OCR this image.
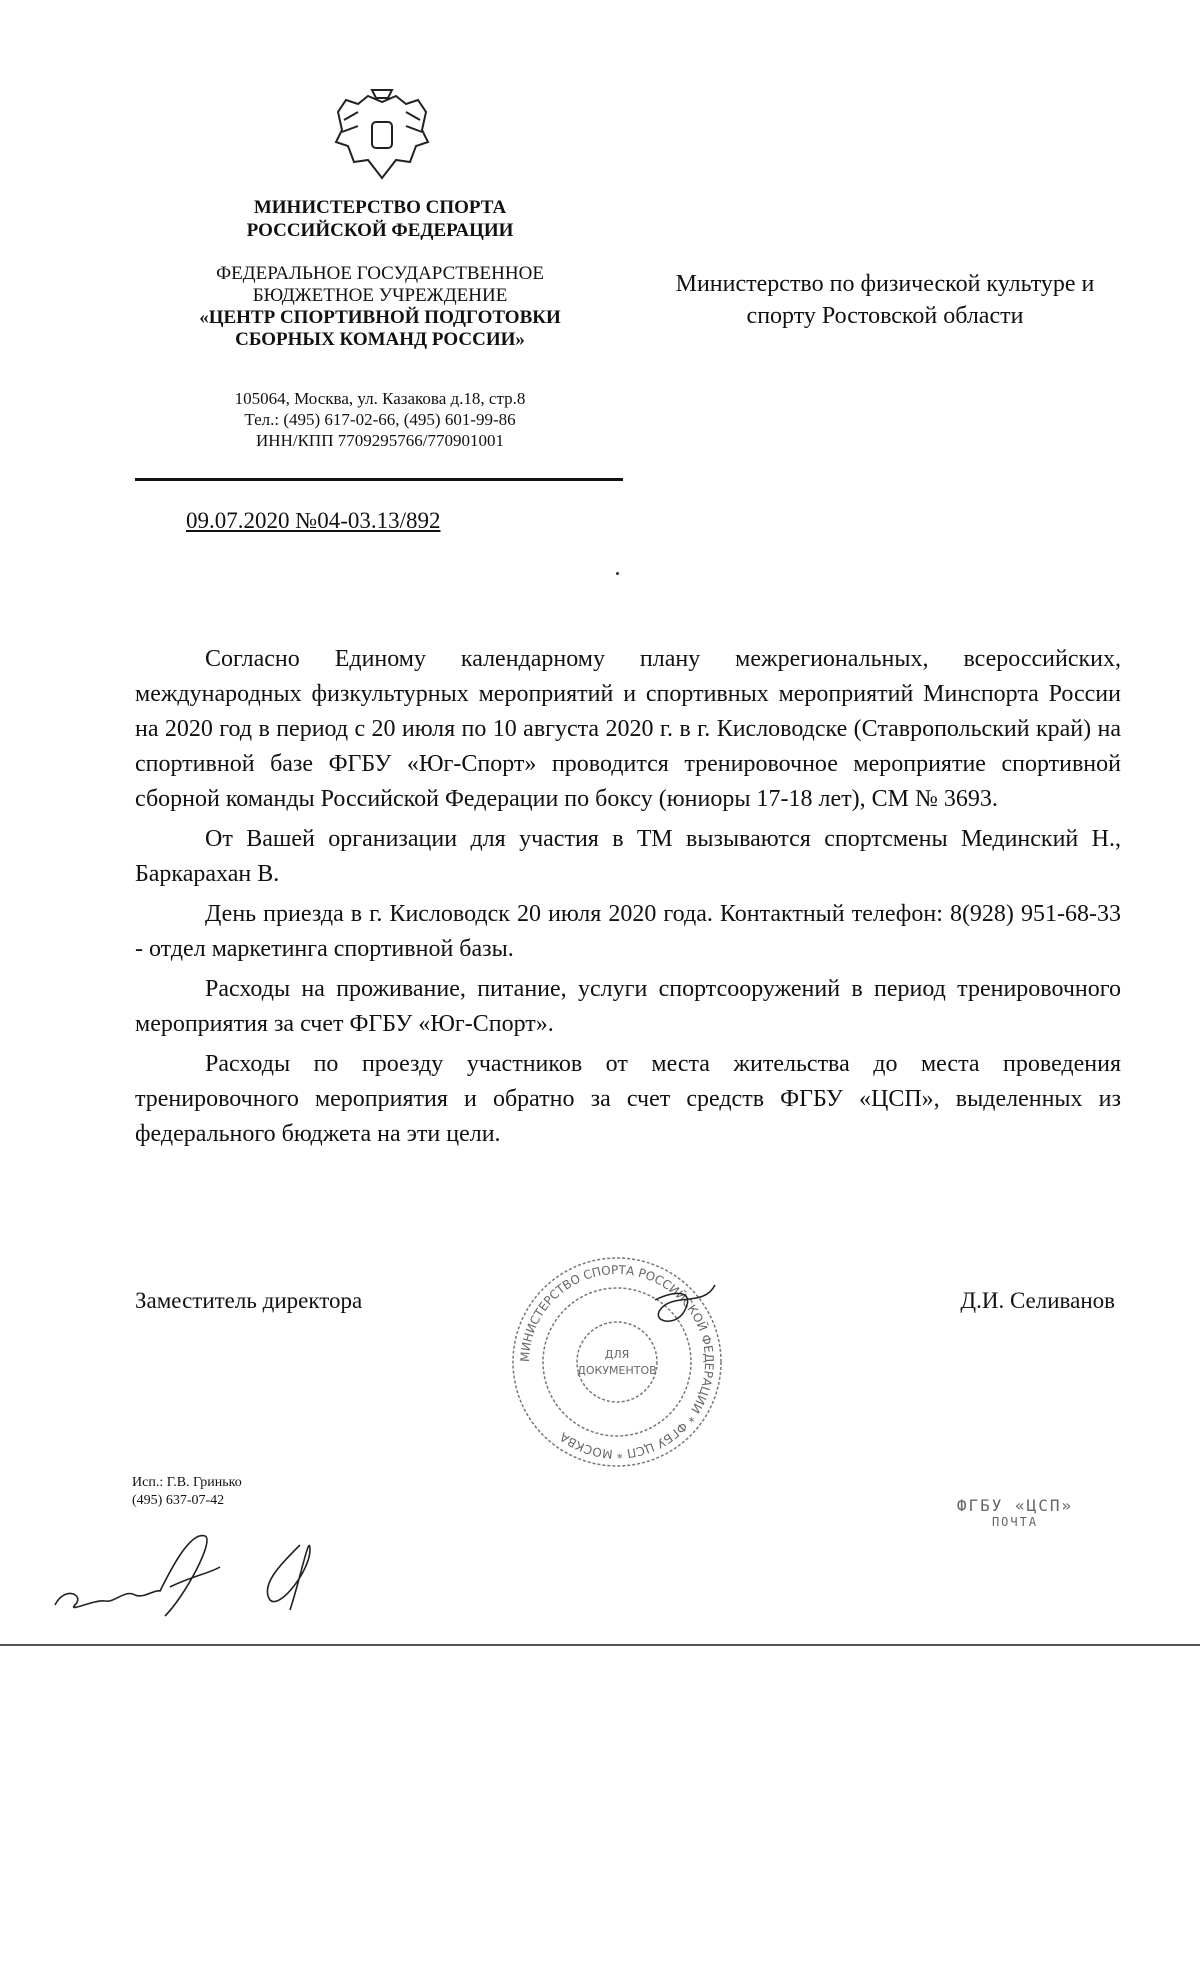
МИНИСТЕРСТВО СПОРТА
РОССИЙСКОЙ ФЕДЕРАЦИИ
ФЕДЕРАЛЬНОЕ ГОСУДАРСТВЕННОЕ
БЮДЖЕТНОЕ УЧРЕЖДЕНИЕ
«ЦЕНТР СПОРТИВНОЙ ПОДГОТОВКИ
СБОРНЫХ КОМАНД РОССИИ»
105064, Москва, ул. Казакова д.18, стр.8
Тел.: (495) 617-02-66, (495) 601-99-86
ИНН/КПП 7709295766/770901001
09.07.2020 №04-03.13/892
Министерство по физической культуре и
спорту Ростовской области

Согласно Единому календарному плану межрегиональных, всероссийских, международных физкультурных мероприятий и спортивных мероприятий Минспорта России на 2020 год в период с 20 июля по 10 августа 2020 г. в г. Кисловодске (Ставропольский край) на спортивной базе ФГБУ «Юг-Спорт» проводится тренировочное мероприятие спортивной сборной команды Российской Федерации по боксу (юниоры 17-18 лет), СМ № 3693.

От Вашей организации для участия в ТМ вызываются спортсмены Мединский Н., Баркарахан В.

День приезда в г. Кисловодск 20 июля 2020 года. Контактный телефон: 8(928) 951-68-33 - отдел маркетинга спортивной базы.

Расходы на проживание, питание, услуги спортсооружений в период тренировочного мероприятия за счет ФГБУ «Юг-Спорт».

Расходы по проезду участников от места жительства до места проведения тренировочного мероприятия и обратно за счет средств ФГБУ «ЦСП», выделенных из федерального бюджета на эти цели.

Заместитель директора	Д.И. Селиванов
МИНИСТЕРСТВО СПОРТА РОССИЙСКОЙ ФЕДЕРАЦИИ * ФГБУ ЦСП * МОСКВА
ДЛЯ
ДОКУМЕНТОВ
Исп.: Г.В. Гринько
(495) 637-07-42	ФГБУ «ЦСП»
ПОЧТА
